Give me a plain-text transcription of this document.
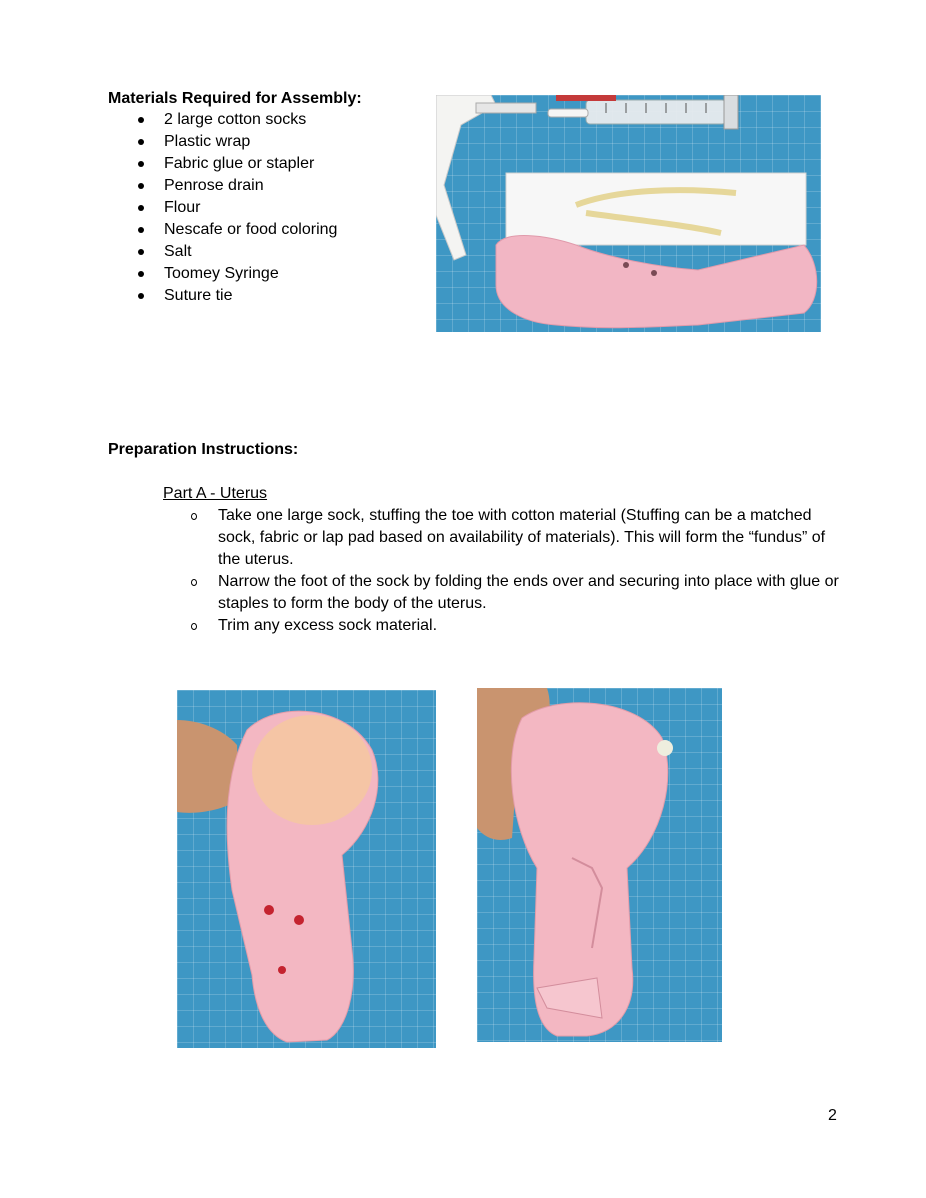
Materials Required for Assembly:
2 large cotton socks
Plastic wrap
Fabric glue or stapler
Penrose drain
Flour
Nescafe or food coloring
Salt
Toomey Syringe
Suture tie
Preparation Instructions:
Part A - Uterus
Take one large sock, stuffing the toe with cotton material (Stuffing can be a matched sock, fabric or lap pad based on availability of materials). This will form the “fundus” of the uterus.
Narrow the foot of the sock by folding the ends over and securing into place with glue or staples to form the body of the uterus.
Trim any excess sock material.
2
